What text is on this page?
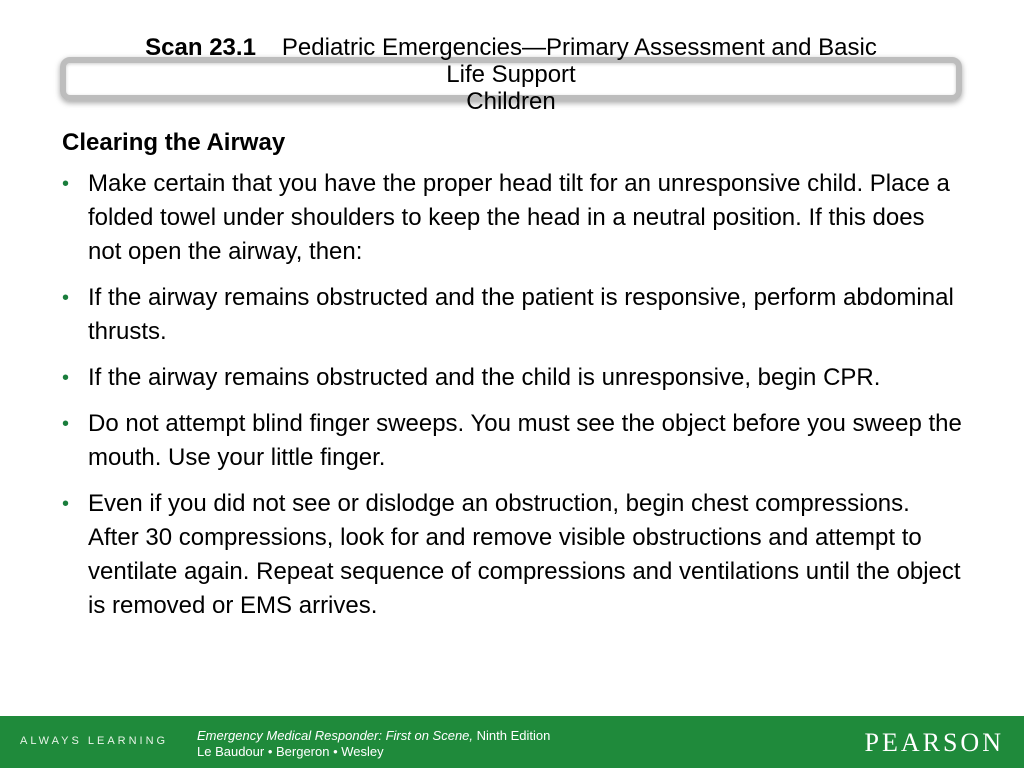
Scan 23.1 Pediatric Emergencies—Primary Assessment and Basic
Life Support
Children
Clearing the Airway
• Make certain that you have the proper head tilt for an unresponsive child. Place a folded towel under shoulders to keep the head in a neutral position. If this does not open the airway, then:
• If the airway remains obstructed and the patient is responsive, perform abdominal thrusts.
• If the airway remains obstructed and the child is unresponsive, begin CPR.
• Do not attempt blind finger sweeps. You must see the object before you sweep the mouth. Use your little finger.
• Even if you did not see or dislodge an obstruction, begin chest compressions. After 30 compressions, look for and remove visible obstructions and attempt to ventilate again. Repeat sequence of compressions and ventilations until the object is removed or EMS arrives.
ALWAYS LEARNING Emergency Medical Responder: First on Scene, Ninth Edition
Le Baudour • Bergeron • Wesley	PEARSON
